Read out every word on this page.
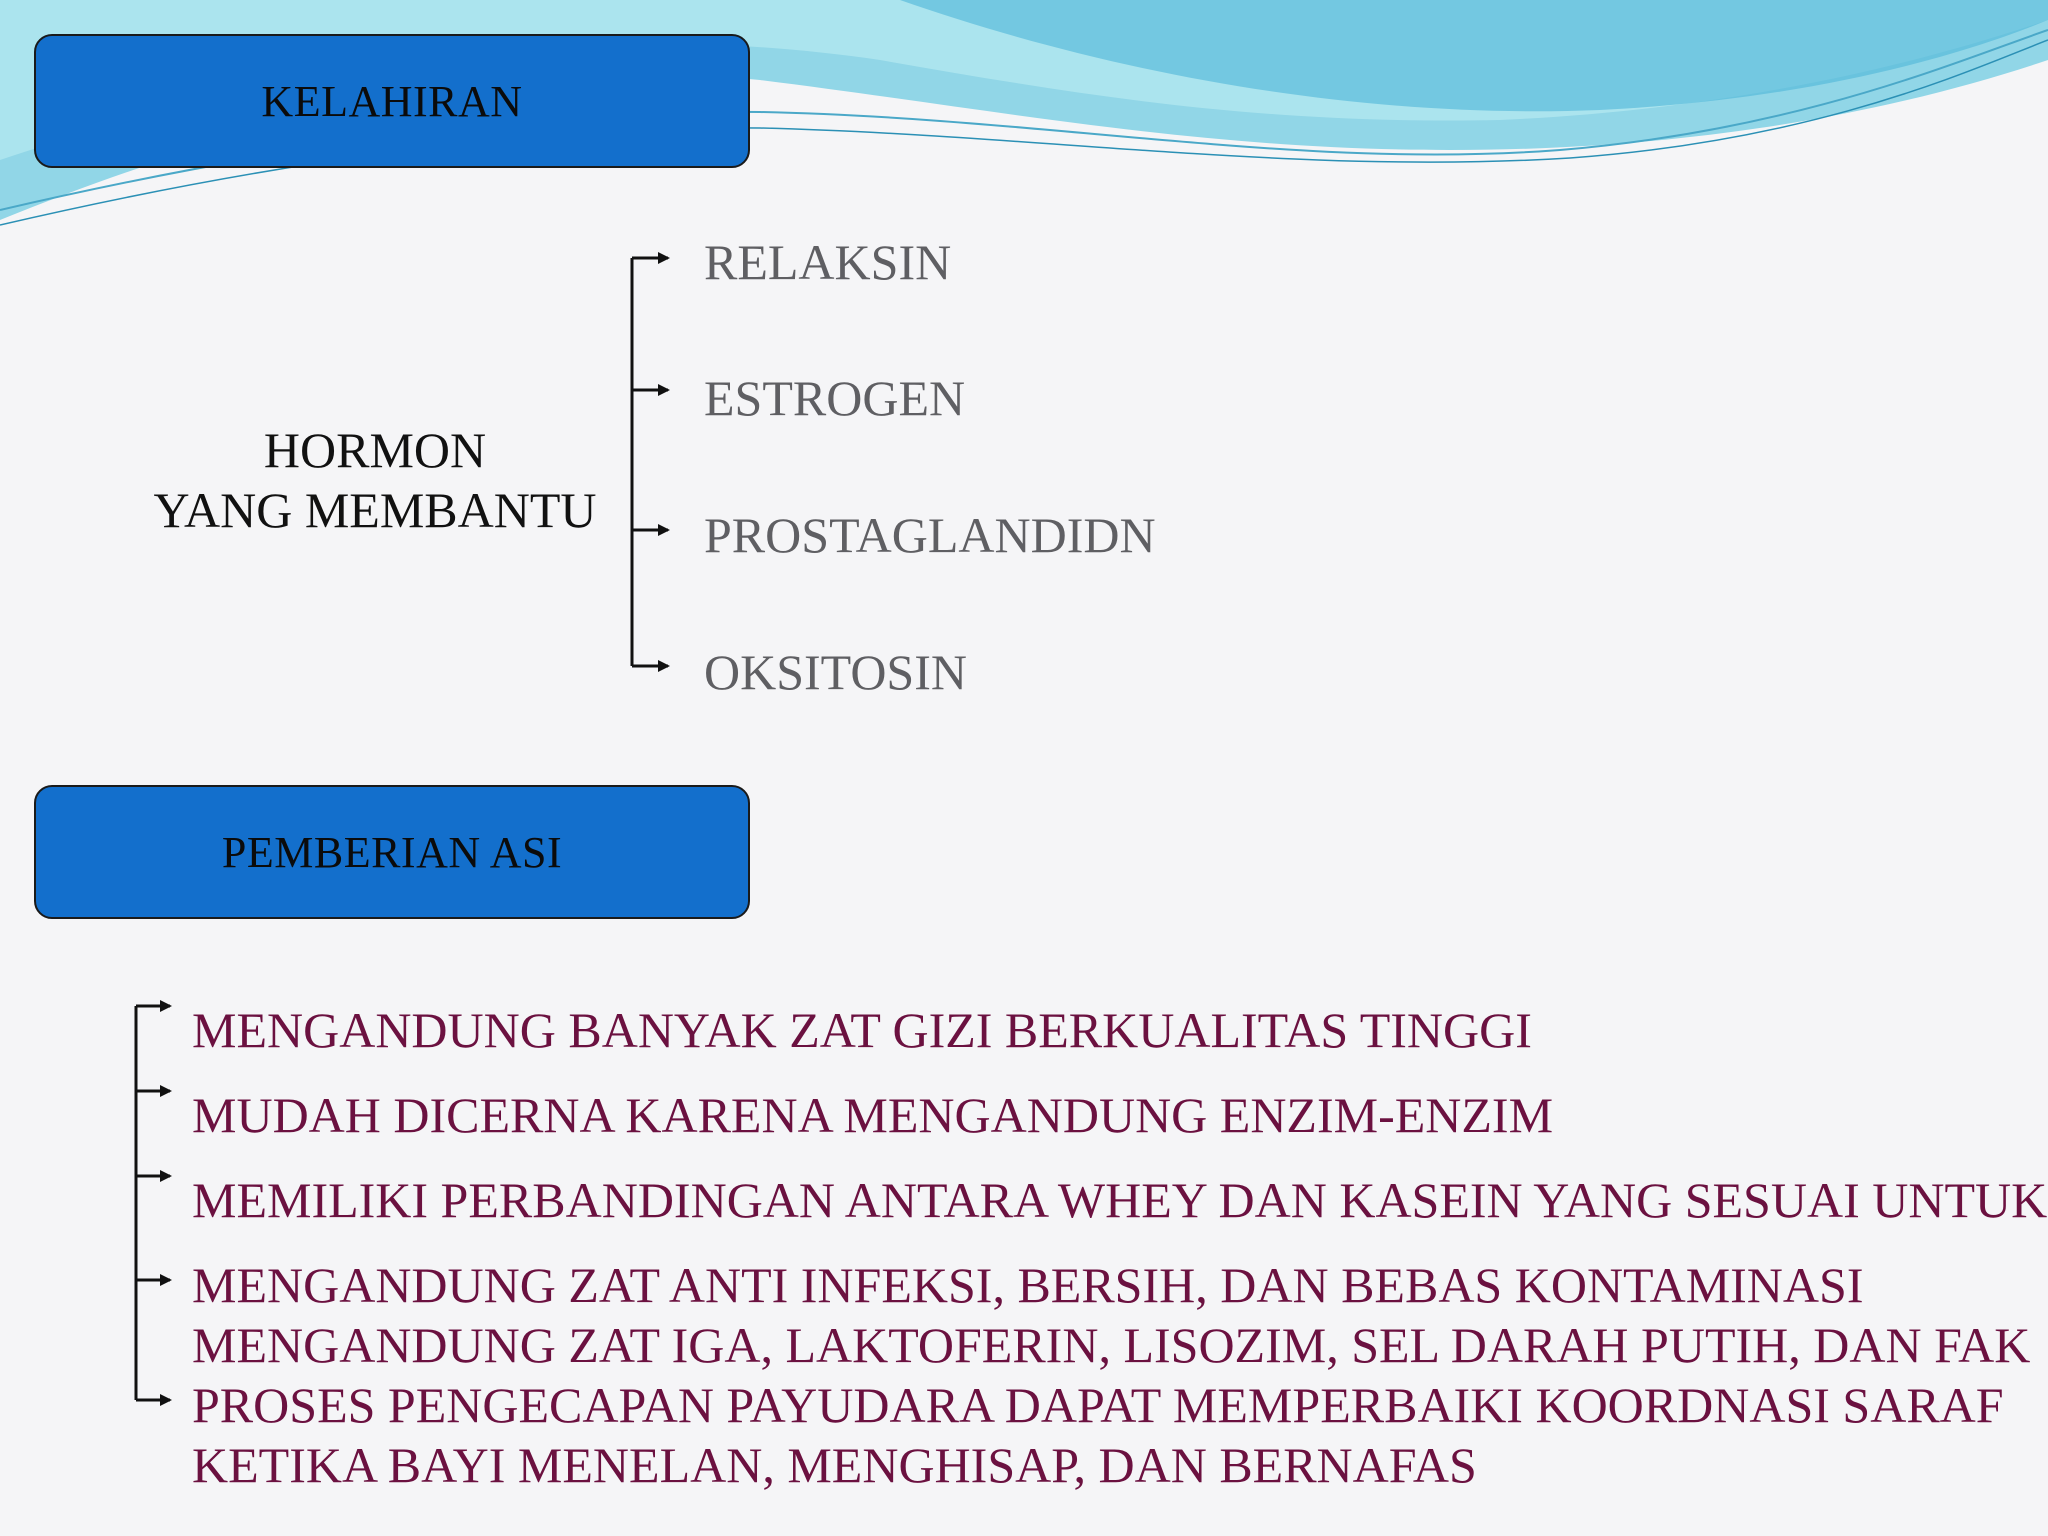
KELAHIRAN
HORMON
YANG MEMBANTU
RELAKSIN
ESTROGEN
PROSTAGLANDIDN
OKSITOSIN
PEMBERIAN ASI
MENGANDUNG BANYAK ZAT GIZI BERKUALITAS TINGGI
MUDAH DICERNA KARENA MENGANDUNG ENZIM-ENZIM
MEMILIKI PERBANDINGAN ANTARA WHEY DAN KASEIN YANG SESUAI UNTUK
MENGANDUNG ZAT ANTI INFEKSI, BERSIH, DAN BEBAS KONTAMINASI
MENGANDUNG ZAT IGA, LAKTOFERIN, LISOZIM, SEL DARAH PUTIH, DAN FAK
PROSES PENGECAPAN PAYUDARA DAPAT MEMPERBAIKI KOORDNASI SARAF
KETIKA BAYI MENELAN, MENGHISAP, DAN BERNAFAS
